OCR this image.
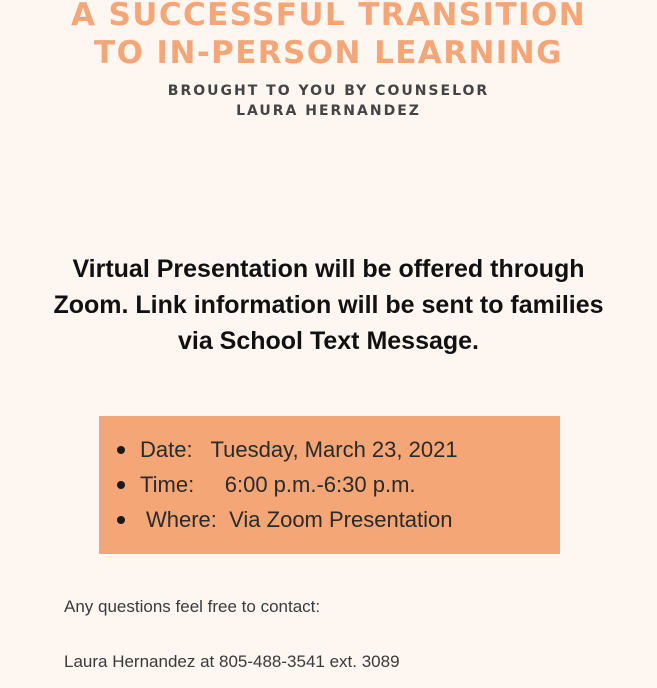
A SUCCESSFUL TRANSITION
TO IN-PERSON LEARNING

BROUGHT TO YOU BY COUNSELOR

LAURA HERNANDEZ

Virtual Presentation will be offered through

Zoom. Link information will be sent to families

via School Text Message.

Date:   Tuesday, March 23, 2021

Time:     6:00 p.m.-6:30 p.m.

Where:  Via Zoom Presentation

Any questions feel free to contact:

Laura Hernandez at 805-488-3541 ext. 3089
